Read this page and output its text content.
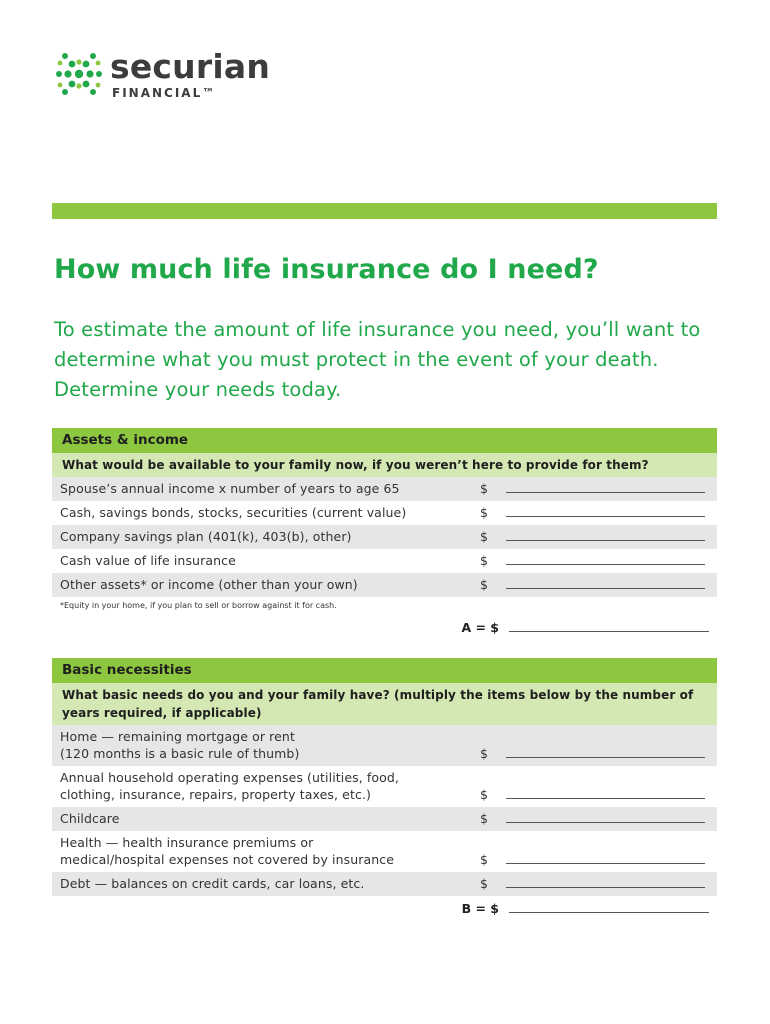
securian
FINANCIAL™
How much life insurance do I need?

To estimate the amount of life insurance you need, you’ll want to determine what you must protect in the event of your death. Determine your needs today.

Assets & income
What would be available to your family now, if you weren’t here to provide for them?
Spouse’s annual income x number of years to age 65	$
Cash, savings bonds, stocks, securities (current value)	$
Company savings plan (401(k), 403(b), other)	$
Cash value of life insurance	$
Other assets* or income (other than your own)	$
*Equity in your home, if you plan to sell or borrow against it for cash.
A = $
Basic necessities
What basic needs do you and your family have? (multiply the items below by the number of years required, if applicable)
Home — remaining mortgage or rent
(120 months is a basic rule of thumb)	$
Annual household operating expenses (utilities, food,
clothing, insurance, repairs, property taxes, etc.)	$
Childcare	$
Health — health insurance premiums or
medical/hospital expenses not covered by insurance	$
Debt — balances on credit cards, car loans, etc.	$
B = $
